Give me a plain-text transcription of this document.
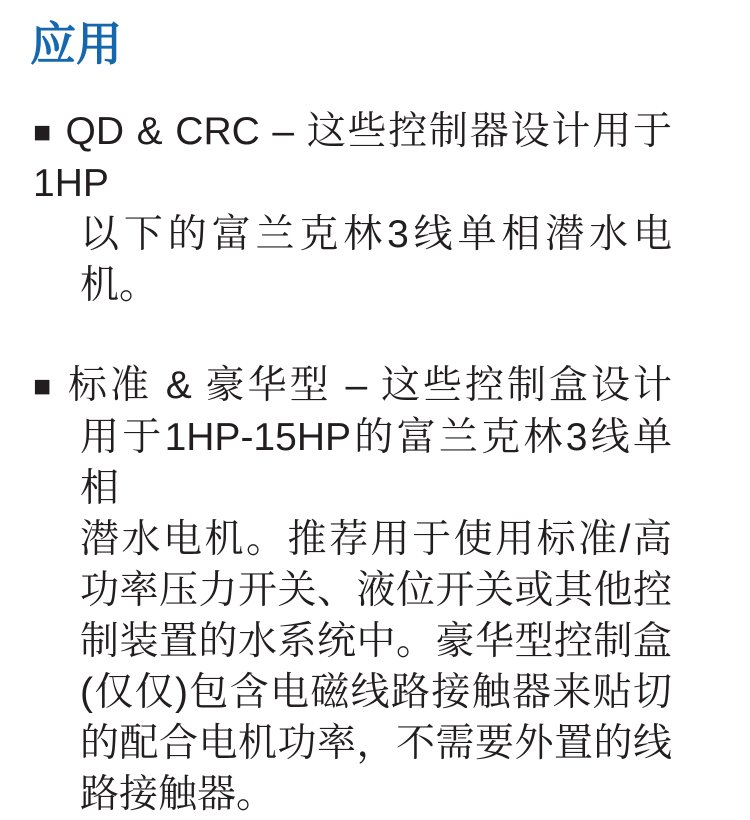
应用
■ QD & CRC – 这些控制器设计用于1HP
以下的富兰克林3线单相潜水电机。
■ 标准 & 豪华型 – 这些控制盒设计
用于1HP-15HP的富兰克林3线单相
潜水电机。推荐用于使用标准/高
功率压力开关、液位开关或其他控
制装置的水系统中。豪华型控制盒
(仅仅)包含电磁线路接触器来贴切
的配合电机功率，不需要外置的线
路接触器。
